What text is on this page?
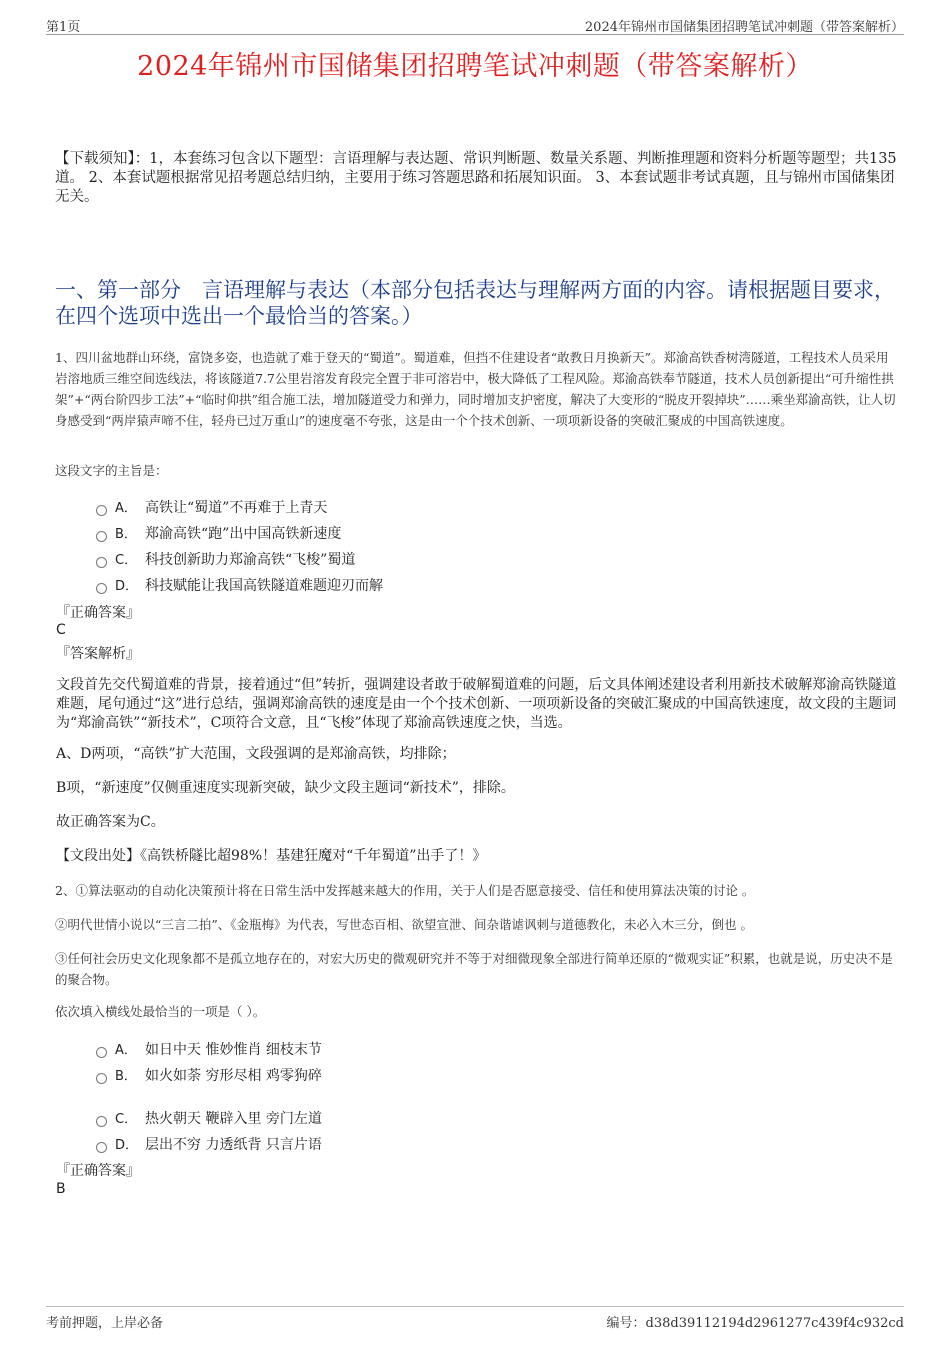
第1页	2024年锦州市国储集团招聘笔试冲刺题（带答案解析）
2024年锦州市国储集团招聘笔试冲刺题（带答案解析）
【下载须知】：1，本套练习包含以下题型：言语理解与表达题、常识判断题、数量关系题、判断推理题和资料分析题等题型；共135道。 2、本套试题根据常见招考题总结归纳，主要用于练习答题思路和拓展知识面。 3、本套试题非考试真题，且与锦州市国储集团无关。
一、第一部分　言语理解与表达（本部分包括表达与理解两方面的内容。请根据题目要求，在四个选项中选出一个最恰当的答案。）
1、四川盆地群山环绕，富饶多姿，也造就了难于登天的“蜀道”。蜀道难，但挡不住建设者“敢教日月换新天”。郑渝高铁香树湾隧道，工程技术人员采用岩溶地质三维空间选线法，将该隧道7.7公里岩溶发育段完全置于非可溶岩中，极大降低了工程风险。郑渝高铁奉节隧道，技术人员创新提出“可升缩性拱架”+“两台阶四步工法”+“临时仰拱”组合施工法，增加隧道受力和弹力，同时增加支护密度，解决了大变形的“脱皮开裂掉块”……乘坐郑渝高铁，让人切身感受到“两岸猿声啼不住，轻舟已过万重山”的速度毫不夸张，这是由一个个技术创新、一项项新设备的突破汇聚成的中国高铁速度。
这段文字的主旨是：
A． 高铁让“蜀道”不再难于上青天
B． 郑渝高铁“跑”出中国高铁新速度
C． 科技创新助力郑渝高铁“飞梭”蜀道
D． 科技赋能让我国高铁隧道难题迎刃而解
『正确答案』
C
『答案解析』
文段首先交代蜀道难的背景，接着通过“但”转折，强调建设者敢于破解蜀道难的问题，后文具体阐述建设者利用新技术破解郑渝高铁隧道难题，尾句通过“这”进行总结，强调郑渝高铁的速度是由一个个技术创新、一项项新设备的突破汇聚成的中国高铁速度，故文段的主题词为“郑渝高铁”“新技术”，C项符合文意，且“飞梭”体现了郑渝高铁速度之快，当选。
A、D两项，“高铁”扩大范围，文段强调的是郑渝高铁，均排除；
B项，“新速度”仅侧重速度实现新突破，缺少文段主题词“新技术”，排除。
故正确答案为C。
【文段出处】《高铁桥隧比超98%！基建狂魔对“千年蜀道”出手了！》
2、①算法驱动的自动化决策预计将在日常生活中发挥越来越大的作用，关于人们是否愿意接受、信任和使用算法决策的讨论 。
②明代世情小说以“三言二拍”、《金瓶梅》为代表，写世态百相、欲望宣泄、间杂谐谑讽刺与道德教化，未必入木三分，倒也 。
③任何社会历史文化现象都不是孤立地存在的，对宏大历史的微观研究并不等于对细微现象全部进行简单还原的“微观实证”积累，也就是说，历史决不是 的聚合物。
依次填入横线处最恰当的一项是（ ）。
A． 如日中天 惟妙惟肖 细枝末节
B． 如火如荼 穷形尽相 鸡零狗碎
C． 热火朝天 鞭辟入里 旁门左道
D． 层出不穷 力透纸背 只言片语
『正确答案』
B
考前押题，上岸必备	编号：d38d39112194d2961277c439f4c932cd
